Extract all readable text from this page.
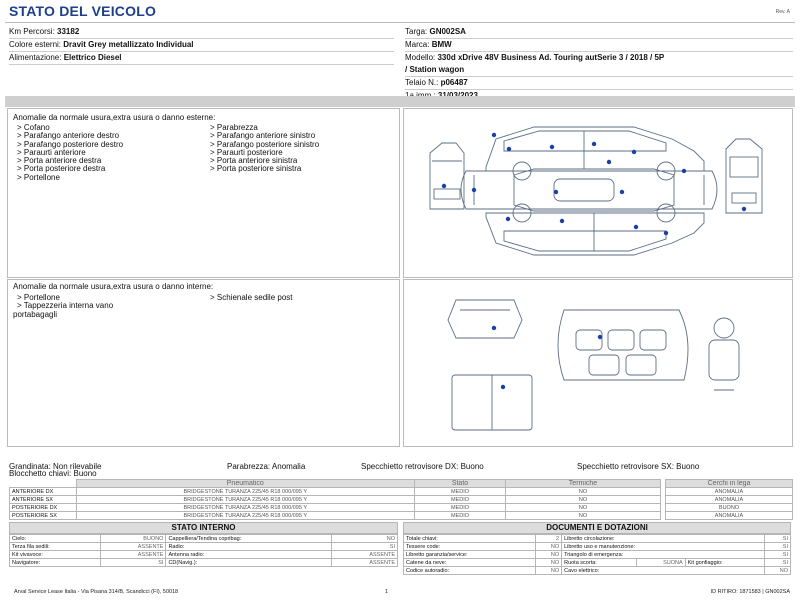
STATO DEL VEICOLO	Rev. A
Km Percorsi: 33182
Colore esterni: Dravit Grey metallizzato Individual
Alimentazione: Elettrico Diesel
Targa: GN002SA
Marca: BMW
Modello: 330d xDrive 48V Business Ad. Touring autSerie 3 / 2018 / 5P
/ Station wagon
Telaio N.: p06487
Anomalie da normale usura,extra usura o danno esterne:
> Cofano
> Parafango anteriore destro
> Parafango posteriore destro
> Paraurti anteriore
> Porta anteriore destra
> Porta posteriore destra
> Portellone
> Parabrezza
> Parafango anteriore sinistro
> Parafango posteriore sinistro
> Paraurti posteriore
> Porta anteriore sinistra
> Porta posteriore sinistra
Anomalie da normale usura,extra usura o danno interne:
> Portellone
> Tappezzeria interna vano
portabagagli
> Schienale sedile post
Grandinata: Non rilevabile
Blocchetto chiavi: Buono
Parabrezza: Anomalia	Specchietto retrovisore DX: Buono	Specchietto retrovisore SX: Buono
	Pneumatico	Stato	Termiche
ANTERIORE DX	BRIDGESTONE TURANZA 225/45 R18 000/095 Y	MEDIO	NO
ANTERIORE SX	BRIDGESTONE TURANZA 225/45 R18 000/095 Y	MEDIO	NO
POSTERIORE DX	BRIDGESTONE TURANZA 225/45 R18 000/095 Y	MEDIO	NO
POSTERIORE SX	BRIDGESTONE TURANZA 225/45 R18 000/095 Y	MEDIO	NO
Cerchi in lega
ANOMALIA
ANOMALIA
BUONO
ANOMALIA
STATO INTERNO
Cielo:	BUONO	Cappelliera/Tendina copribag:	NO
Terza fila sedili:	ASSENTE	Radio:	SI
Kit vivavoce:	ASSENTE	Antenna radio:	ASSENTE
Navigatore:	SI	CD(Navig.):	ASSENTE
DOCUMENTI E DOTAZIONI
Totale chiavi:	2	Libretto circolazione:			SI
Tessere code:	NO	Libretto uso e manutenzione:			SI
Libretto garanzia/service:	NO	Triangolo di emergenza:			SI
Catene da neve:	NO	Ruota scorta:	SUONA	Kit gonfiaggio:	SI
Codice autoradio:	NO	Cavo elettrico:			NO
Arval Service Lease Italia - Via Pisana 314/B, Scandicci (FI), 50018	1	ID RITIRO: 1871583 | GN002SA
